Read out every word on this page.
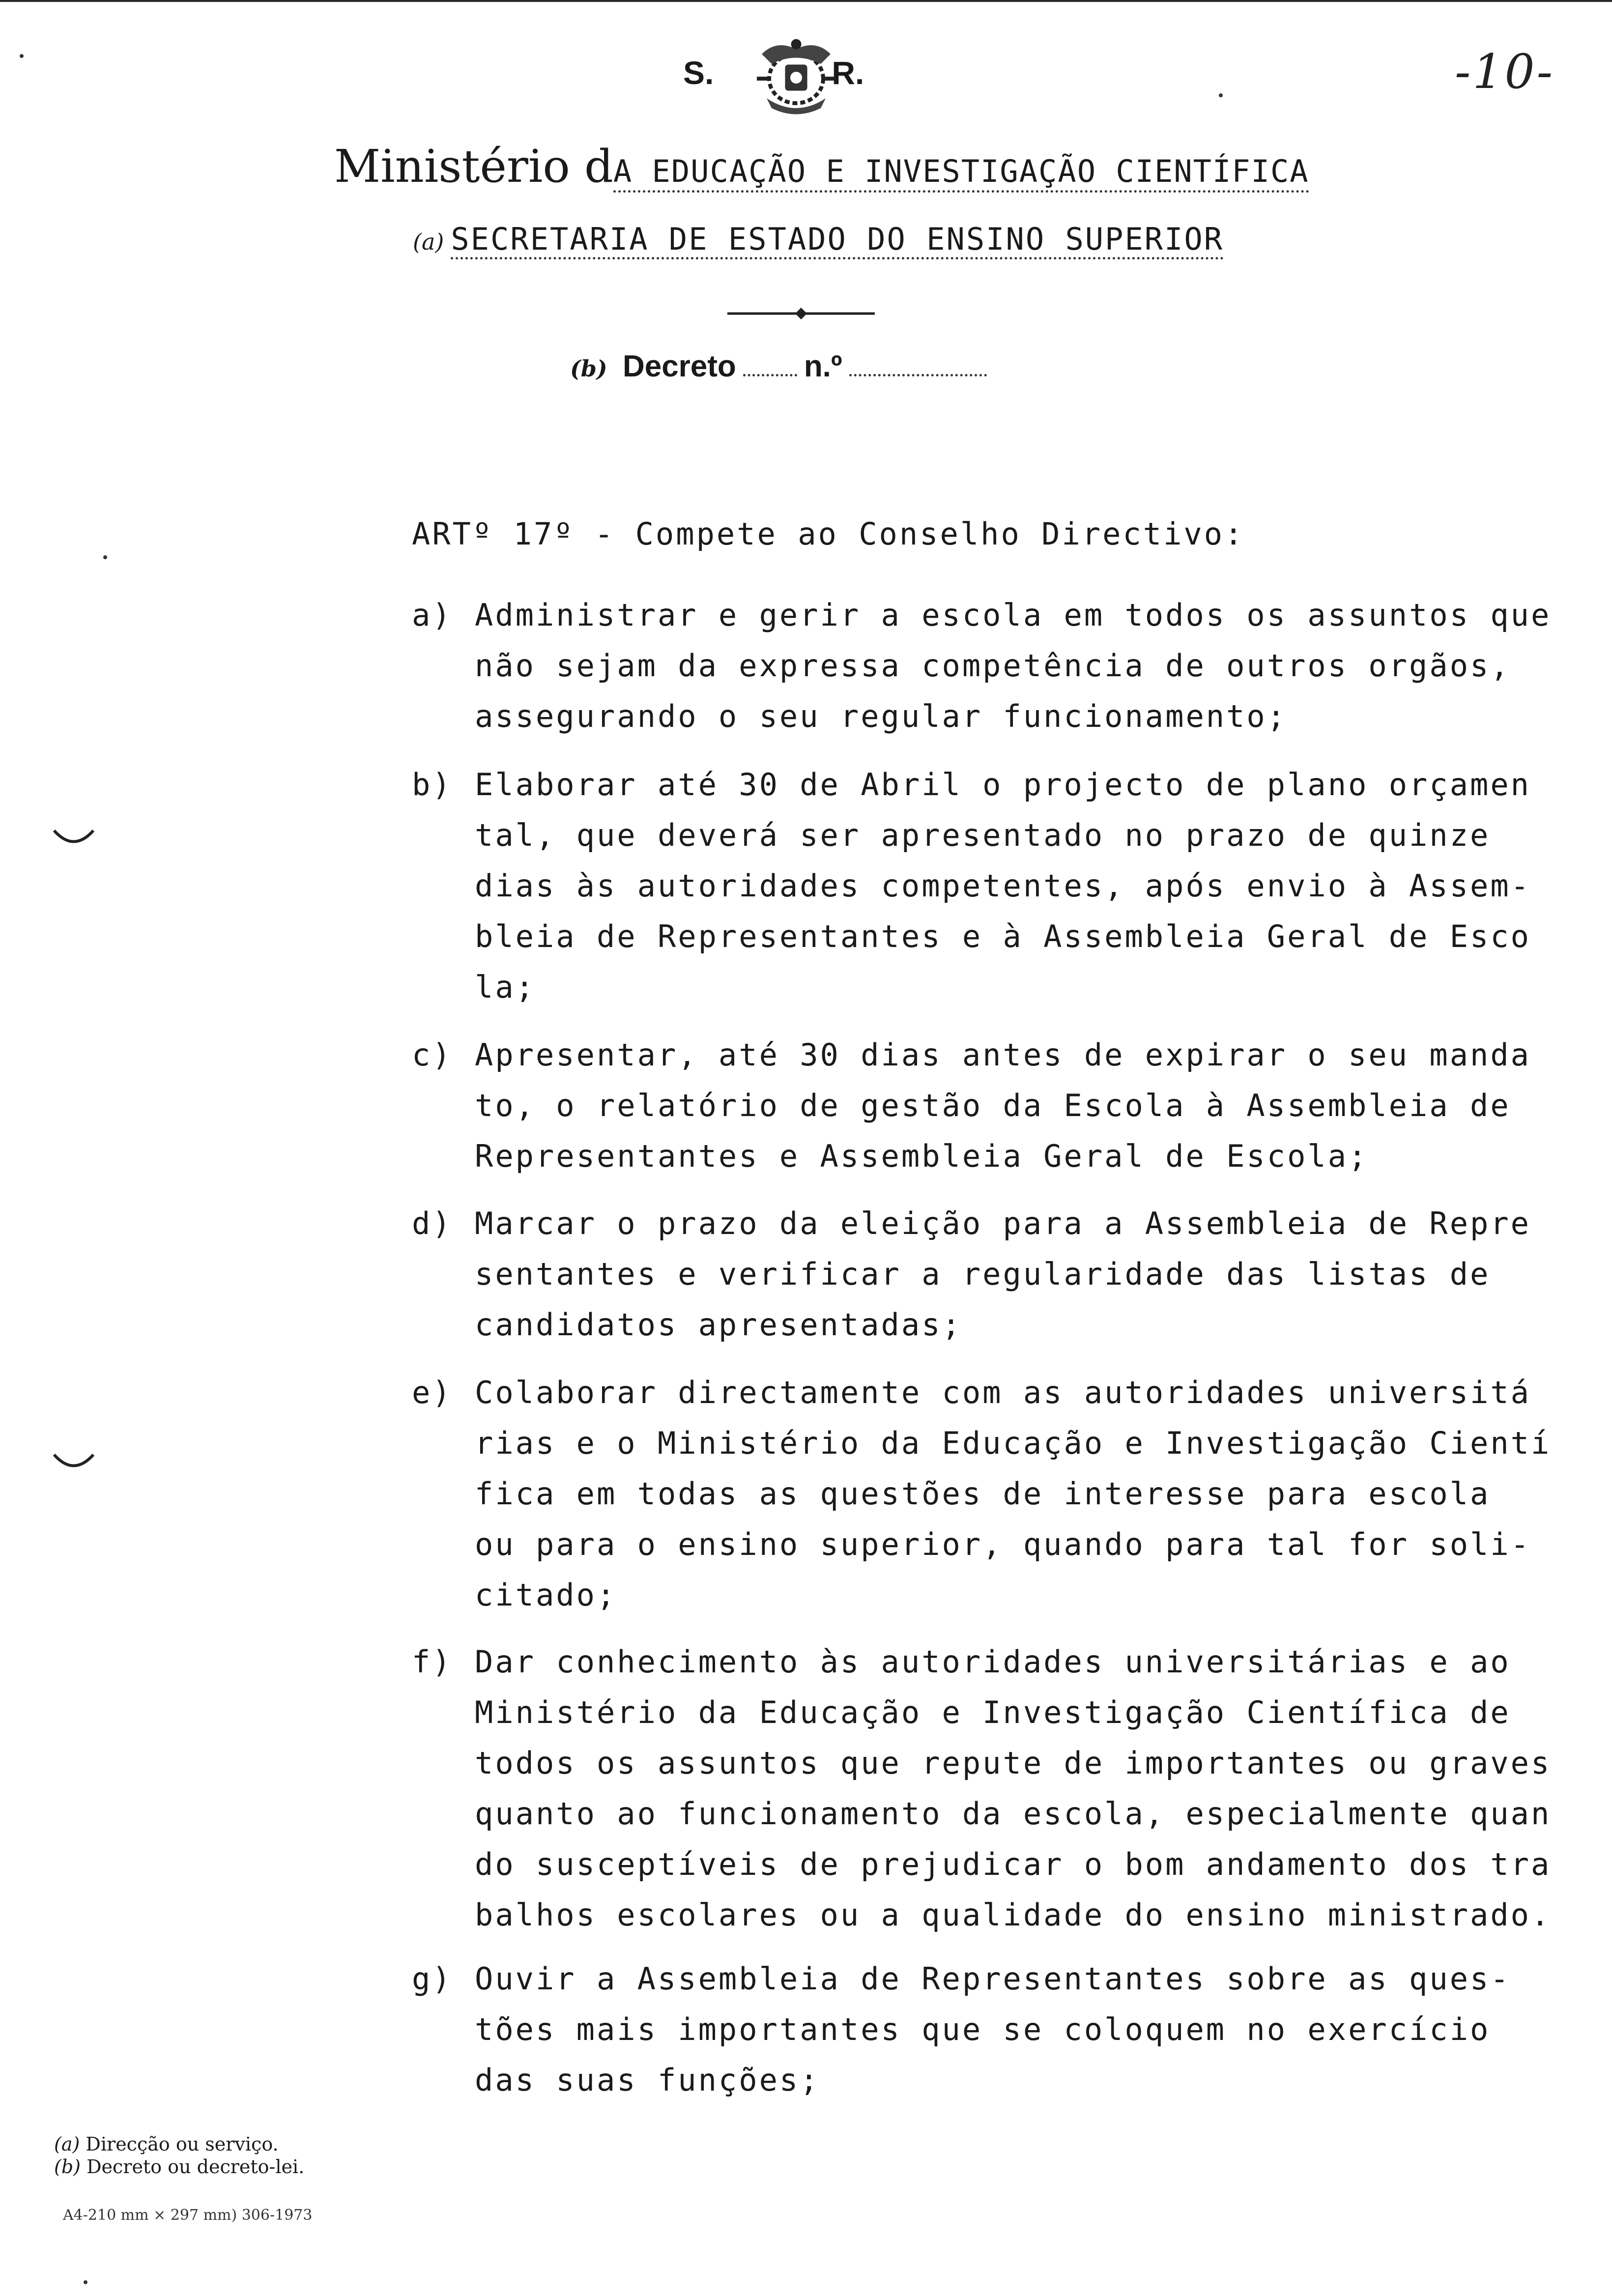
-10-
S.	R.
Ministério dA EDUCAÇÃO E INVESTIGAÇÃO CIENTÍFICA
(a) SECRETARIA DE ESTADO DO ENSINO SUPERIOR
(b) Decreto n.º
ARTº 17º - Compete ao Conselho Directivo:
a) Administrar e gerir a escola em todos os assuntos que
não sejam da expressa competência de outros orgãos,
assegurando o seu regular funcionamento;
b) Elaborar até 30 de Abril o projecto de plano orçamen
tal, que deverá ser apresentado no prazo de quinze
dias às autoridades competentes, após envio à Assem-
bleia de Representantes e à Assembleia Geral de Esco
la;
c) Apresentar, até 30 dias antes de expirar o seu manda
to, o relatório de gestão da Escola à Assembleia de
Representantes e Assembleia Geral de Escola;
d) Marcar o prazo da eleição para a Assembleia de Repre
sentantes e verificar a regularidade das listas de
candidatos apresentadas;
e) Colaborar directamente com as autoridades universitá
rias e o Ministério da Educação e Investigação Cientí
fica em todas as questões de interesse para escola
ou para o ensino superior, quando para tal for soli-
citado;
f) Dar conhecimento às autoridades universitárias e ao
Ministério da Educação e Investigação Científica de
todos os assuntos que repute de importantes ou graves
quanto ao funcionamento da escola, especialmente quan
do susceptíveis de prejudicar o bom andamento dos tra
balhos escolares ou a qualidade do ensino ministrado.
g) Ouvir a Assembleia de Representantes sobre as ques-
tões mais importantes que se coloquem no exercício
das suas funções;
(a) Direcção ou serviço.
(b) Decreto ou decreto-lei.
A4-210 mm × 297 mm) 306-1973
